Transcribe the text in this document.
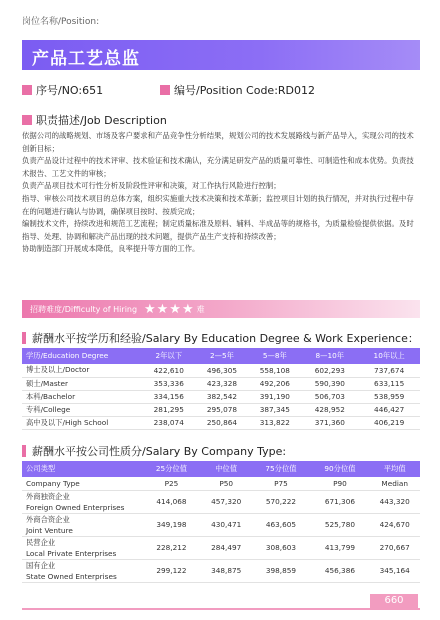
岗位名称/Position:
产品工艺总监
序号/NO:651	编号/Position Code:RD012
职责描述/Job Description

依据公司的战略规划、市场及客户要求和产品竞争性分析结果，规划公司的技术发展路线与新产品导入，实现公司的技术

创新目标；

负责产品设计过程中的技术评审、技术验证和技术确认，充分满足研发产品的质量可靠性、可制造性和成本优势。负责技

术报告、工艺文件的审核；

负责产品项目技术可行性分析及阶段性评审和决策，对工作执行风险进行控制；

指导、审核公司技术项目的总体方案，组织实施重大技术决策和技术革新；监控项目计划的执行情况，并对执行过程中存

在的问题进行确认与协调，确保项目按时、按质完成；

编制技术文件，持续改进和规范工艺流程；制定质量标准及原料、辅料、半成品等的规格书，为质量检验提供依据。及时

指导、处理、协调和解决产品出现的技术问题，提供产品生产支持和持续改善；

协助制造部门开展成本降低，良率提升等方面的工作。

招聘难度/Difficulty of Hiring ★★★★ 难
薪酬水平按学历和经验/Salary By Education Degree & Work Experience：
学历/Education Degree	2年以下	2—5年	5—8年	8—10年	10年以上
博士及以上/Doctor	422,610	496,305	558,108	602,293	737,674
硕士/Master	353,336	423,328	492,206	590,390	633,115
本科/Bachelor	334,156	382,542	391,190	506,703	538,959
专科/College	281,295	295,078	387,345	428,952	446,427
高中及以下/High School	238,074	250,864	313,822	371,360	406,219
薪酬水平按公司性质分/Salary By Company Type:
公司类型	25分位值	中位值	75分位值	90分位值	平均值
Company Type	P25	P50	P75	P90	Median

外商独资企业
Foreign Owned Enterprises	414,068	457,320	570,222	671,306	443,320

外商合资企业
Joint Venture	349,198	430,471	463,605	525,780	424,670

民营企业
Local Private Enterprises	228,212	284,497	308,603	413,799	270,667

国有企业
State Owned Enterprises	299,122	348,875	398,859	456,386	345,164
660
